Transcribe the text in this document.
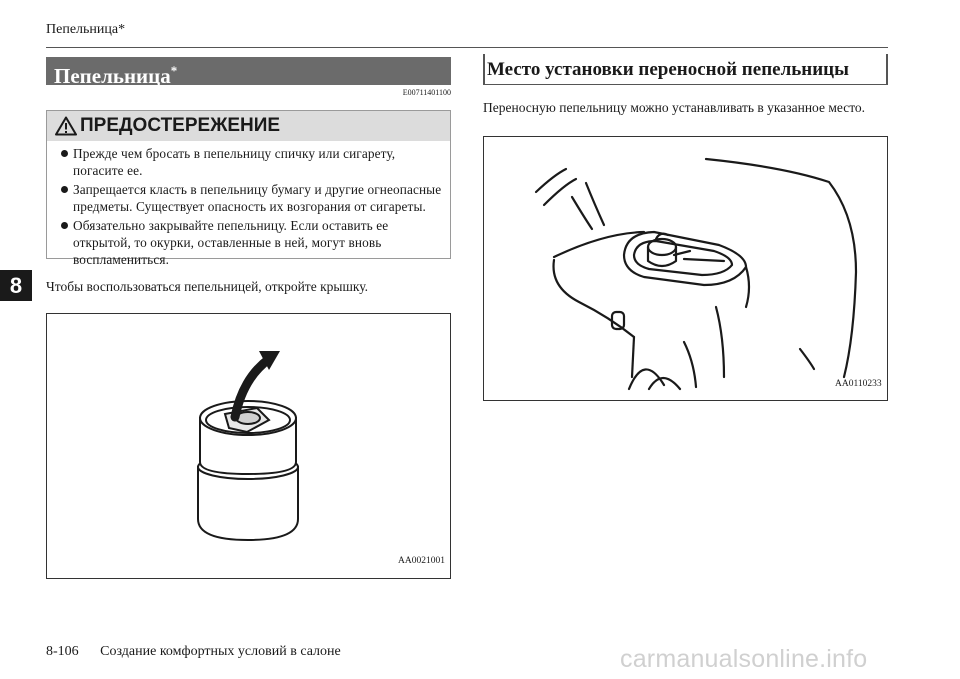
Пепельница*
8
Пепельница*
E00711401100
ПРЕДОСТЕРЕЖЕНИЕ
Прежде чем бросать в пепельницу спичку или сигарету, погасите ее.
Запрещается класть в пепельницу бумагу и другие огнеопасные предметы. Существует опасность их возгорания от сигареты.
Обязательно закрывайте пепельницу. Если оставить ее открытой, то окурки, оставленные в ней, могут вновь воспламениться.
Чтобы воспользоваться пепельницей, откройте крышку.
AA0021001
Место установки переносной пепельницы
Переносную пепельницу можно устанавливать в указанное место.
AA0110233
8-106 Создание комфортных условий в салоне	carmanualsonline.info
